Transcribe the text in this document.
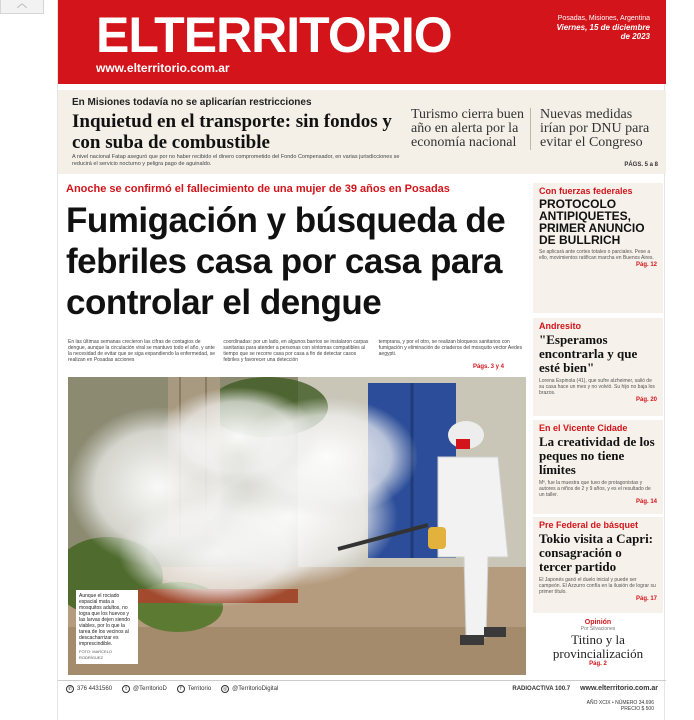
︿
ELTERRITORIO
www.elterritorio.com.ar
Posadas, Misiones, Argentina
Viernes, 15 de diciembre de 2023
En Misiones todavía no se aplicarían restricciones
Inquietud en el transporte: sin fondos y con suba de combustible
A nivel nacional Fatap aseguró que por no haber recibido el dinero comprometido del Fondo Compensador, en varias jurisdicciones se reducirá el servicio nocturno y peligra pago de aguinaldo.
Turismo cierra buen año en alerta por la economía nacional
Nuevas medidas irían por DNU para evitar el Congreso
PÁGS. 5 a 8
Anoche se confirmó el fallecimiento de una mujer de 39 años en Posadas
Fumigación y búsqueda de febriles casa por casa para controlar el dengue
En las últimas semanas crecieron las cifras de contagios de dengue, aunque la circulación viral se mantuvo todo el año, y ante la necesidad de evitar que se siga expandiendo la enfermedad, se realizan en Posadas acciones
coordinadas: por un lado, en algunos barrios se instalaron carpas sanitarias para atender a personas con síntomas compatibles al tiempo que se recorre casa por casa a fin de detectar casos febriles y favorecer una detección
temprana, y por el otro, se realizan bloqueos sanitarios con fumigación y eliminación de criaderos del mosquito vector Aedes aegypti.
Págs. 3 y 4
Aunque el rociado espacial mata a mosquitos adultos, no logra que los huevos y las larvas dejen siendo viables, por lo que la tarea de los vecinos al descacharrizar es imprescindible.
FOTO: MARCELO RODRÍGUEZ
Con fuerzas federales
PROTOCOLO ANTIPIQUETES, PRIMER ANUNCIO DE BULLRICH
Se aplicará ante cortes totales o parciales. Pese a ello, movimientos ratifican marcha en Buenos Aires.
Pág. 12
Andresito
"Esperamos encontrarla y que esté bien"
Lorena Espinola (41), que sufre alzheimer, salió de su casa hace un mes y no volvió. Su hijo no baja los brazos.
Pág. 20
En el Vicente Cidade
La creatividad de los peques no tiene límites
Mº, fue la muestra que tuvo de protagonistas y autores a niños de 2 y 9 años, y es el resultado de un taller.
Pág. 14
Pre Federal de básquet
Tokio visita a Capri: consagración o tercer partido
El Japonés ganó el duelo inicial y puede ser campeón. El Azzurro confía en la ilusión de lograr su primer título.
Pág. 17
Opinión
Por Silvaciones
Titino y la provincialización
Pág. 2
✆ 376 4431560	t	@TerritorioD	f	Territorio	◎ @TerritorioDigital	RADIOACTIVA 100.7 www.elterritorio.com.ar
AÑO XCIX • NÚMERO 34.696
PRECIO $ 500
